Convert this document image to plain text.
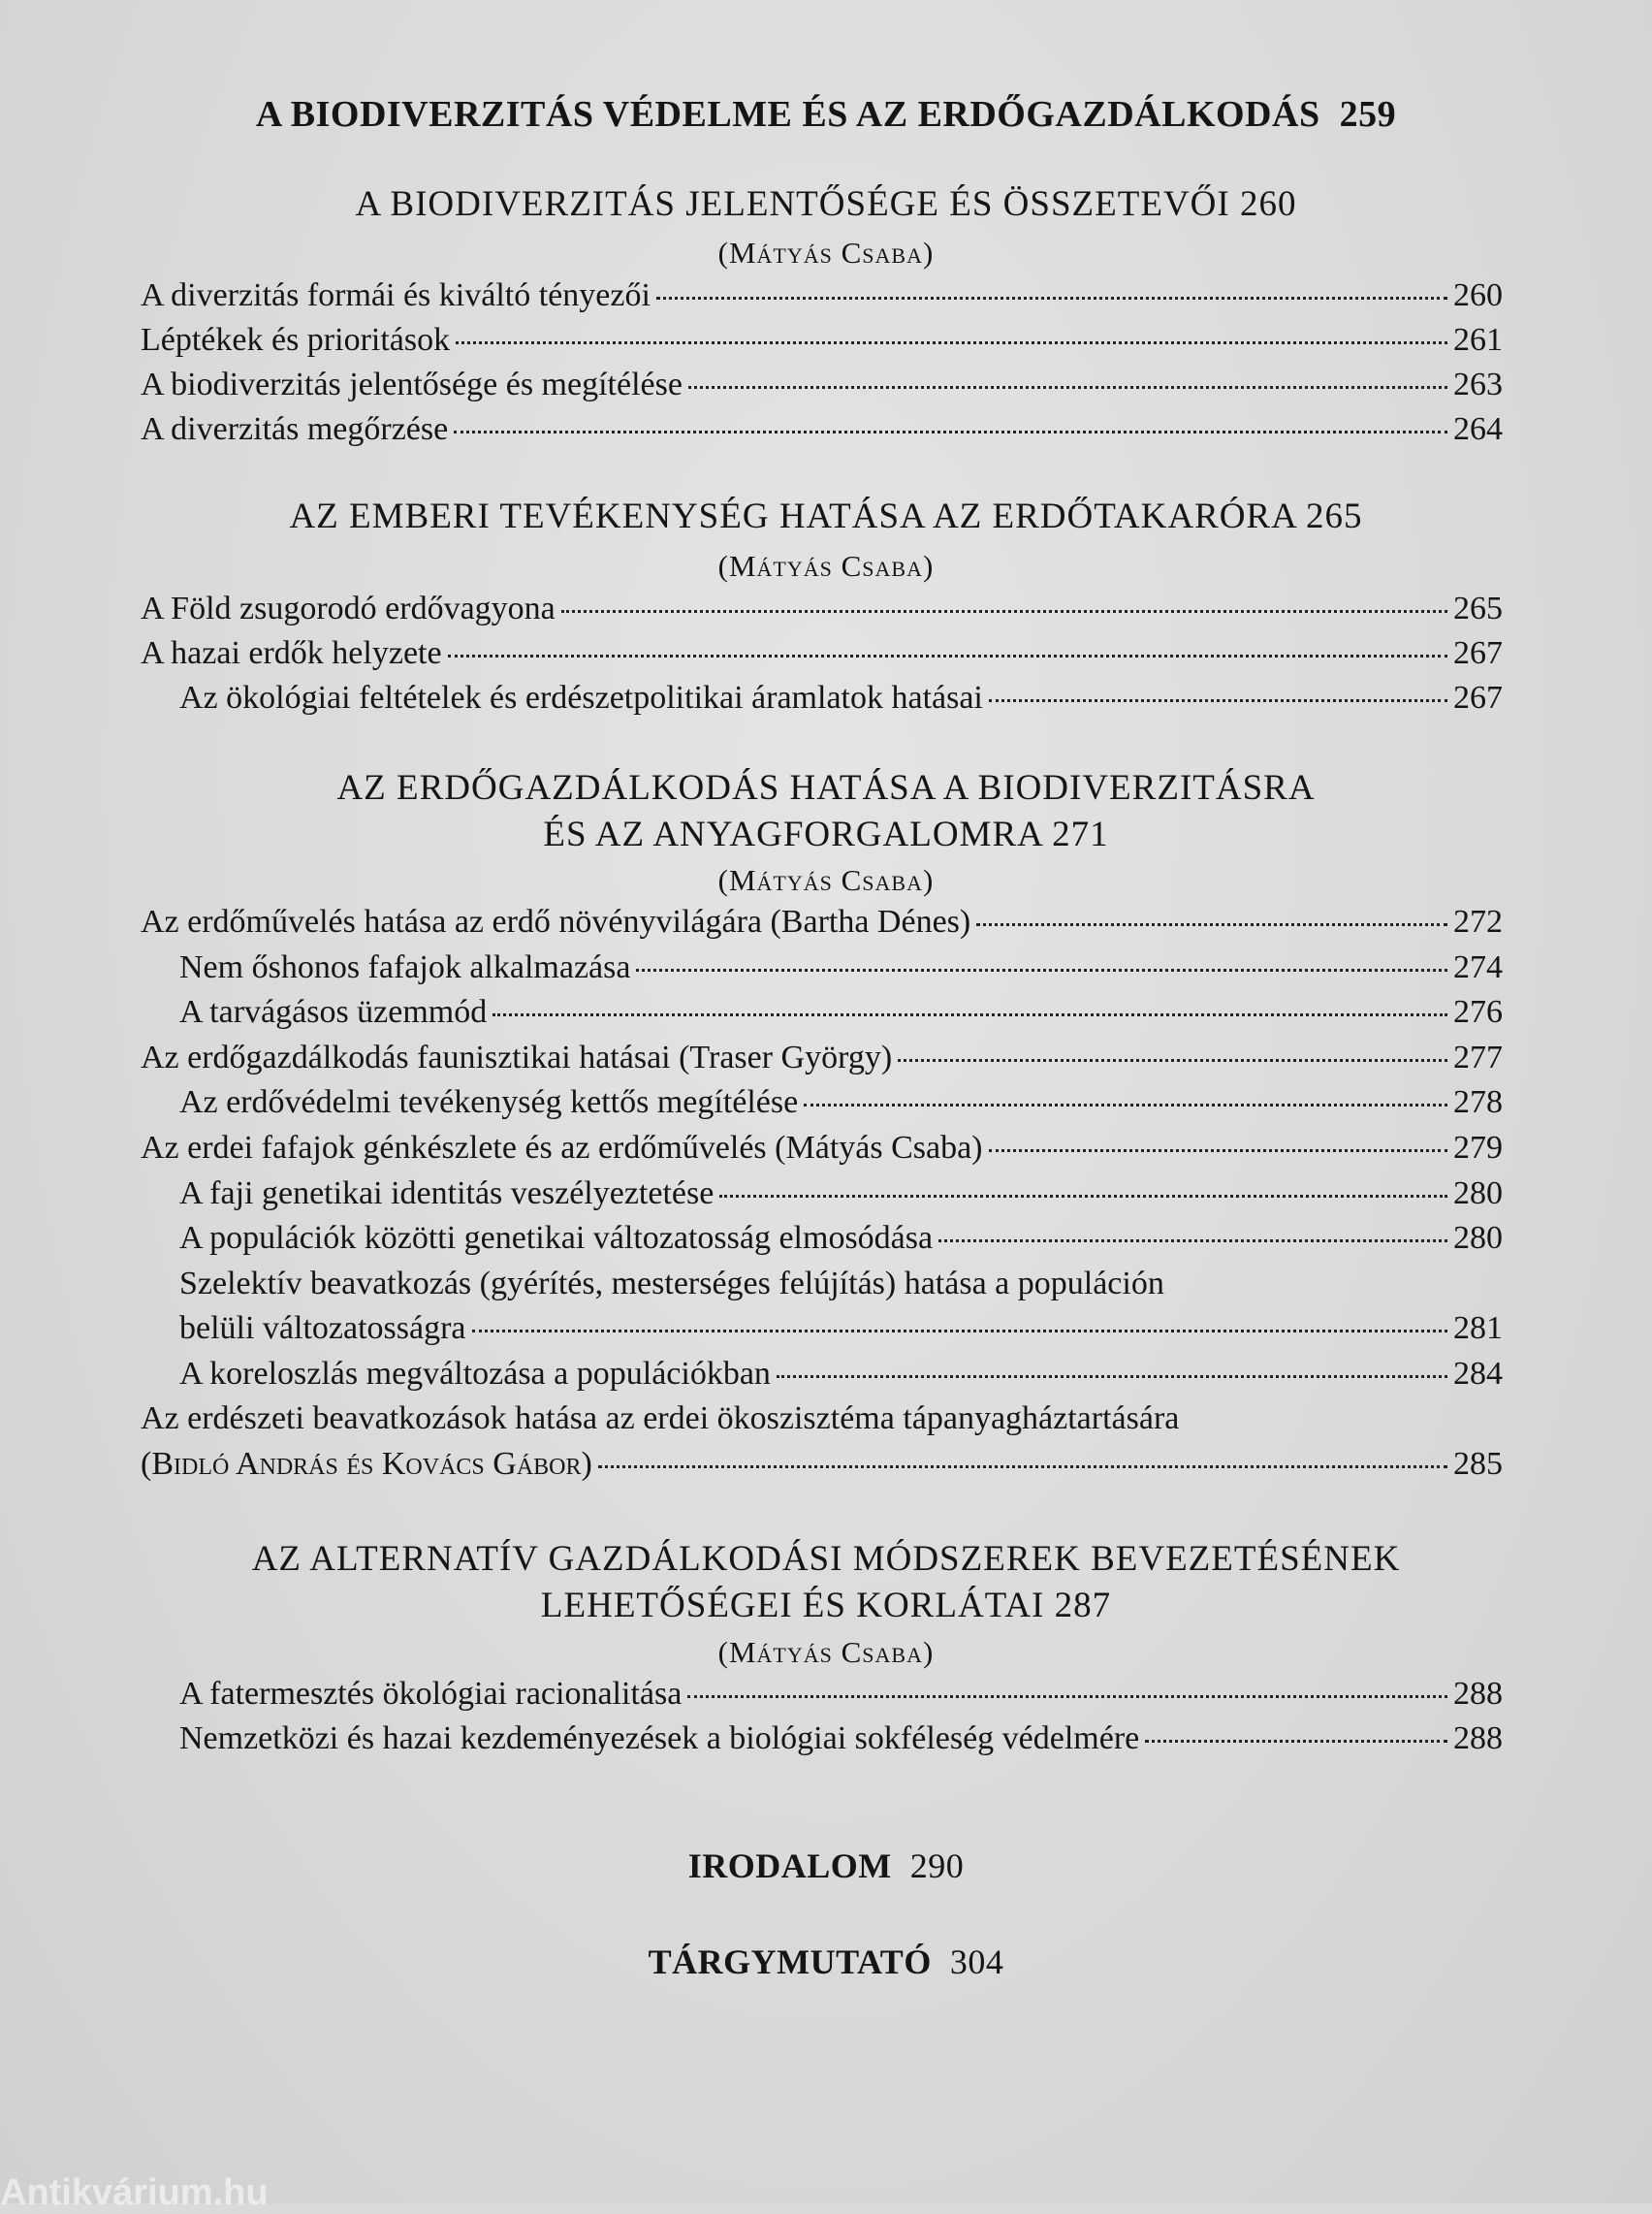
A BIODIVERZITÁS VÉDELME ÉS AZ ERDŐGAZDÁLKODÁS 259
A BIODIVERZITÁS JELENTŐSÉGE ÉS ÖSSZETEVŐI 260
(Mátyás Csaba)
A diverzitás formái és kiváltó tényezői	260
Léptékek és prioritások	261
A biodiverzitás jelentősége és megítélése	263
A diverzitás megőrzése	264
AZ EMBERI TEVÉKENYSÉG HATÁSA AZ ERDŐTAKARÓRA 265
(Mátyás Csaba)
A Föld zsugorodó erdővagyona	265
A hazai erdők helyzete	267
Az ökológiai feltételek és erdészetpolitikai áramlatok hatásai	267
AZ ERDŐGAZDÁLKODÁS HATÁSA A BIODIVERZITÁSRA
ÉS AZ ANYAGFORGALOMRA 271
(Mátyás Csaba)
Az erdőművelés hatása az erdő növényvilágára (Bartha Dénes)	272
Nem őshonos fafajok alkalmazása	274
A tarvágásos üzemmód	276
Az erdőgazdálkodás faunisztikai hatásai (Traser György)	277
Az erdővédelmi tevékenység kettős megítélése	278
Az erdei fafajok génkészlete és az erdőművelés (Mátyás Csaba)	279
A faji genetikai identitás veszélyeztetése	280
A populációk közötti genetikai változatosság elmosódása	280
Szelektív beavatkozás (gyérítés, mesterséges felújítás) hatása a populáción
belüli változatosságra	281
A koreloszlás megváltozása a populációkban	284
Az erdészeti beavatkozások hatása az erdei ökoszisztéma tápanyagháztartására
(Bidló András és Kovács Gábor)	285
AZ ALTERNATÍV GAZDÁLKODÁSI MÓDSZEREK BEVEZETÉSÉNEK
LEHETŐSÉGEI ÉS KORLÁTAI 287
(Mátyás Csaba)
A fatermesztés ökológiai racionalitása	288
Nemzetközi és hazai kezdeményezések a biológiai sokféleség védelmére	288
IRODALOM 290
TÁRGYMUTATÓ 304
Antikvárium.hu
